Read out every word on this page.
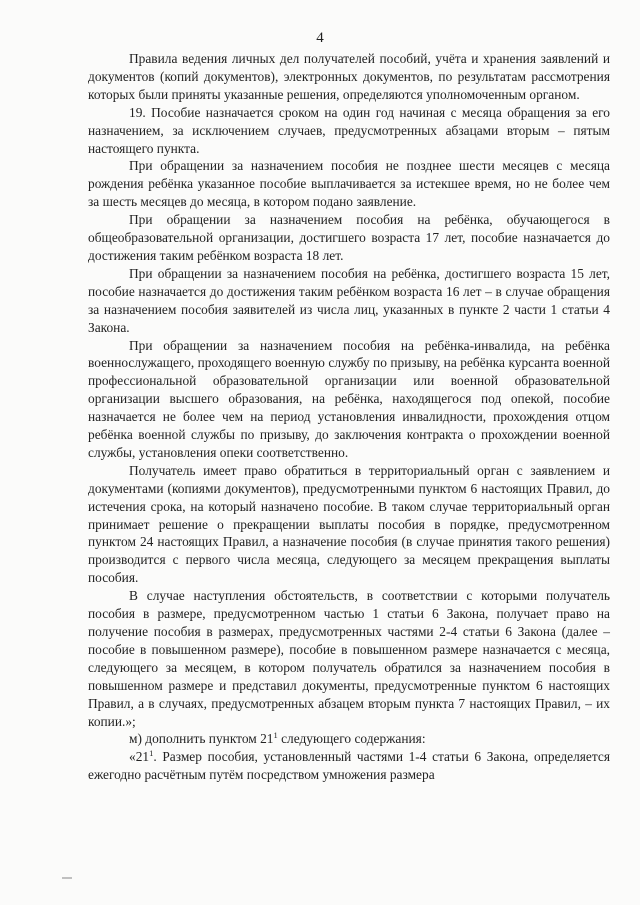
4

Правила ведения личных дел получателей пособий, учёта и хранения заявлений и документов (копий документов), электронных документов, по результатам рассмотрения которых были приняты указанные решения, определяются уполномоченным органом.

19. Пособие назначается сроком на один год начиная с месяца обращения за его назначением, за исключением случаев, предусмотренных абзацами вторым – пятым настоящего пункта.

При обращении за назначением пособия не позднее шести месяцев с месяца рождения ребёнка указанное пособие выплачивается за истекшее время, но не более чем за шесть месяцев до месяца, в котором подано заявление.

При обращении за назначением пособия на ребёнка, обучающегося в общеобразовательной организации, достигшего возраста 17 лет, пособие назначается до достижения таким ребёнком возраста 18 лет.

При обращении за назначением пособия на ребёнка, достигшего возраста 15 лет, пособие назначается до достижения таким ребёнком возраста 16 лет – в случае обращения за назначением пособия заявителей из числа лиц, указанных в пункте 2 части 1 статьи 4 Закона.

При обращении за назначением пособия на ребёнка-инвалида, на ребёнка военнослужащего, проходящего военную службу по призыву, на ребёнка курсанта военной профессиональной образовательной организации или военной образовательной организации высшего образования, на ребёнка, находящегося под опекой, пособие назначается не более чем на период установления инвалидности, прохождения отцом ребёнка военной службы по призыву, до заключения контракта о прохождении военной службы, установления опеки соответственно.

Получатель имеет право обратиться в территориальный орган с заявлением и документами (копиями документов), предусмотренными пунктом 6 настоящих Правил, до истечения срока, на который назначено пособие. В таком случае территориальный орган принимает решение о прекращении выплаты пособия в порядке, предусмотренном пунктом 24 настоящих Правил, а назначение пособия (в случае принятия такого решения) производится с первого числа месяца, следующего за месяцем прекращения выплаты пособия.

В случае наступления обстоятельств, в соответствии с которыми получатель пособия в размере, предусмотренном частью 1 статьи 6 Закона, получает право на получение пособия в размерах, предусмотренных частями 2-4 статьи 6 Закона (далее – пособие в повышенном размере), пособие в повышенном размере назначается с месяца, следующего за месяцем, в котором получатель обратился за назначением пособия в повышенном размере и представил документы, предусмотренные пунктом 6 настоящих Правил, а в случаях, предусмотренных абзацем вторым пункта 7 настоящих Правил, – их копии.»;

м) дополнить пунктом $21^1$ следующего содержания:

«$21^1$. Размер пособия, установленный частями 1-4 статьи 6 Закона, определяется ежегодно расчётным путём посредством умножения размера
